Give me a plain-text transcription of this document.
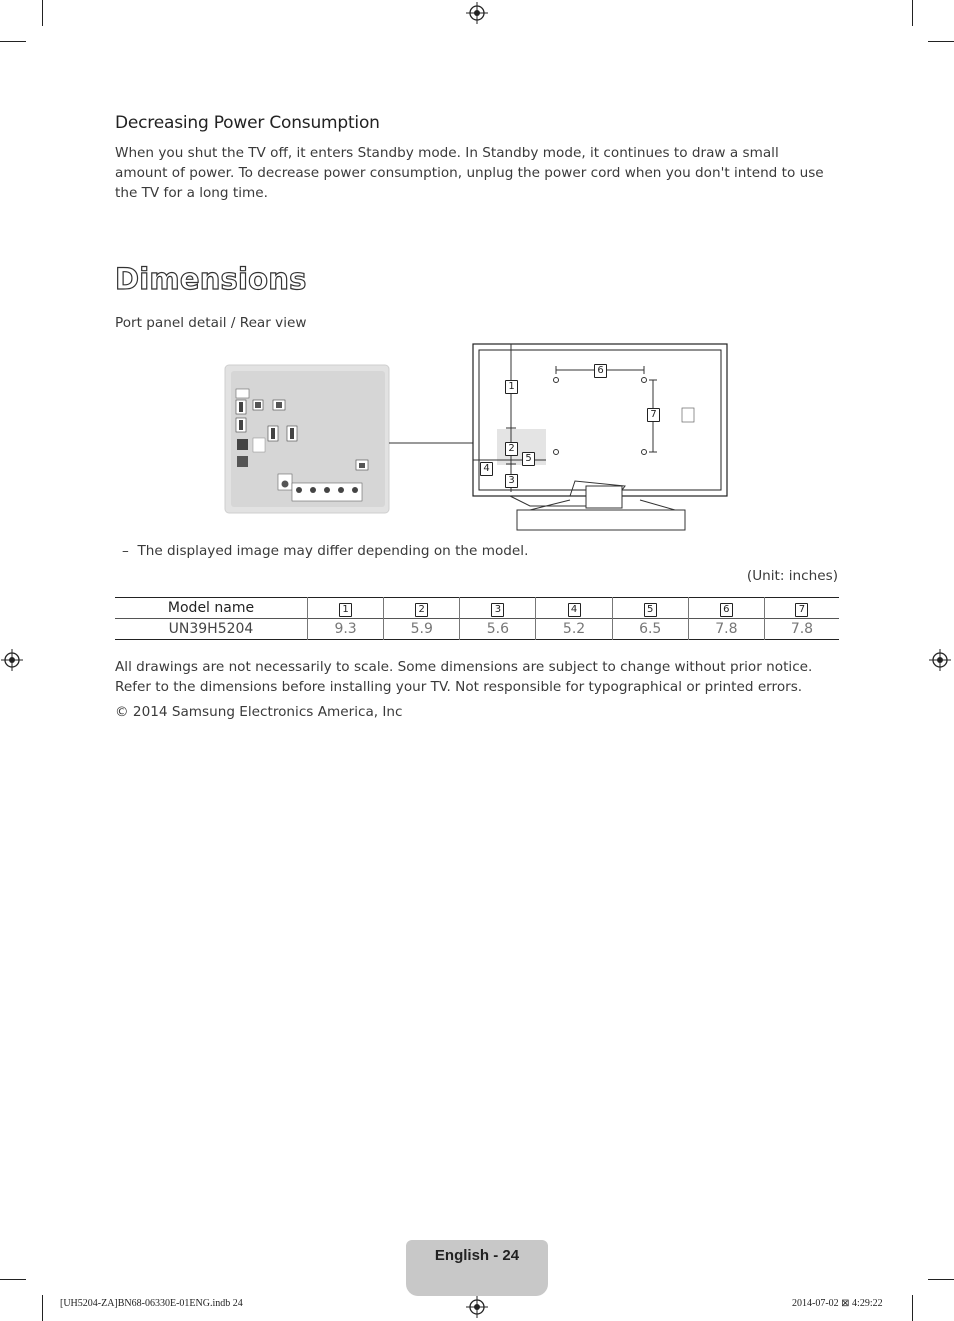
Decreasing Power Consumption
When you shut the TV off, it enters Standby mode. In Standby mode, it continues to draw a small amount of power. To decrease power consumption, unplug the power cord when you don't intend to use the TV for a long time.
Dimensions
Port panel detail / Rear view
1
2
3
4
5
6
7
–  The displayed image may differ depending on the model.
(Unit: inches)
Model name	1	2	3	4	5	6	7
UN39H5204	9.3	5.9	5.6	5.2	6.5	7.8	7.8
All drawings are not necessarily to scale. Some dimensions are subject to change without prior notice. Refer to the dimensions before installing your TV. Not responsible for typographical or printed errors.
© 2014 Samsung Electronics America, Inc
English - 24
[UH5204-ZA]BN68-06330E-01ENG.indb 24	2014-07-02 ⊠ 4:29:22
